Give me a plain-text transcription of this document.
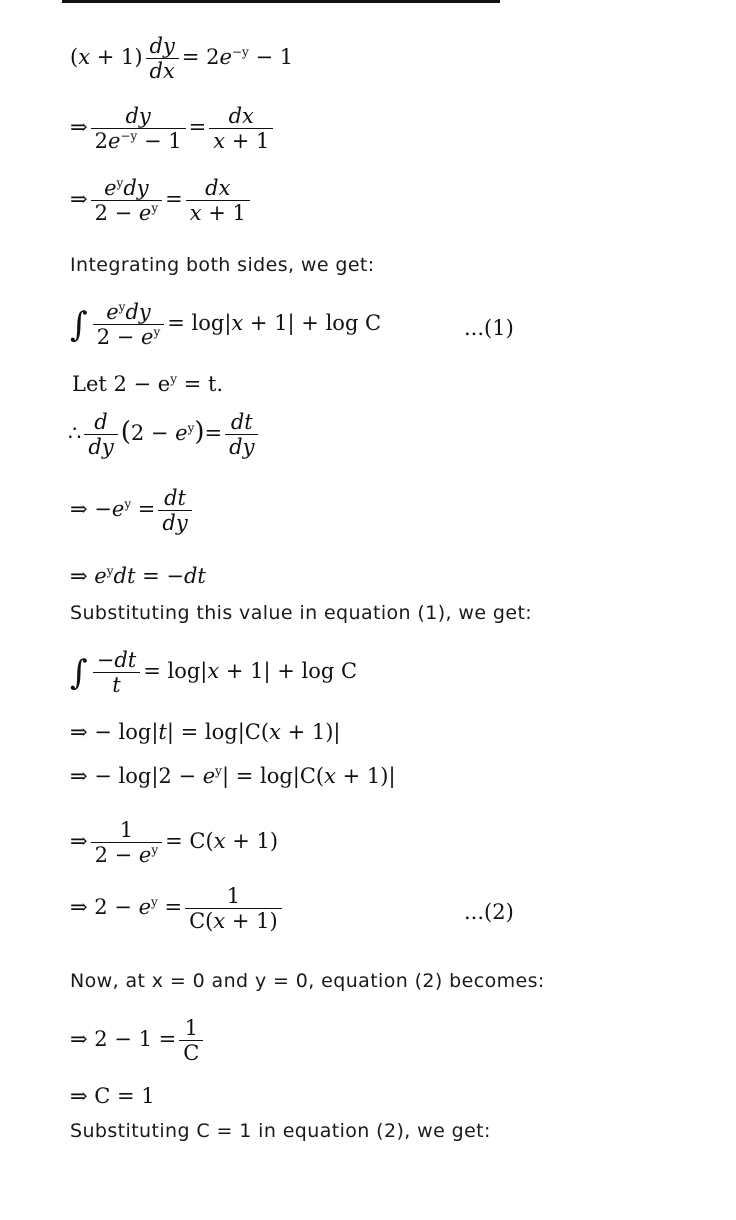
$(x + 1) \frac{dy}{dx} = 2e^{-y} - 1$
⇒ $\frac{dy}{2e^{-y} - 1} = \frac{dx}{x + 1}$
⇒ $\frac{e^ydy}{2 - e^y} = \frac{dx}{x + 1}$
Integrating both sides, we get:
∫ $\frac{e^ydy}{2 - e^y} = \log|x + 1| + \log C$	...(1)
Let $2 - e^y = t$.
∴ $\frac{d}{dy} (2 - e^y)= \frac{dt}{dy}$
⇒ $-e^y = \frac{dt}{dy}$
⇒ $e^ydt = -dt$
Substituting this value in equation (1), we get:
∫ $\frac{-dt}{t} = \log|x + 1| + \log C$
⇒ − log|t| = log|C(x + 1)|
⇒ − $\log|2 - e^y| = \log|C(x + 1)|$
⇒ $\frac{1}{2 - e^y} = C(x + 1)$
⇒ $2 - e^y = \frac{1}{C(x + 1)}$	...(2)
Now, at x = 0 and y = 0, equation (2) becomes:
⇒ $2 - 1 = \frac{1}{C}$
⇒ C = 1
Substituting C = 1 in equation (2), we get:
